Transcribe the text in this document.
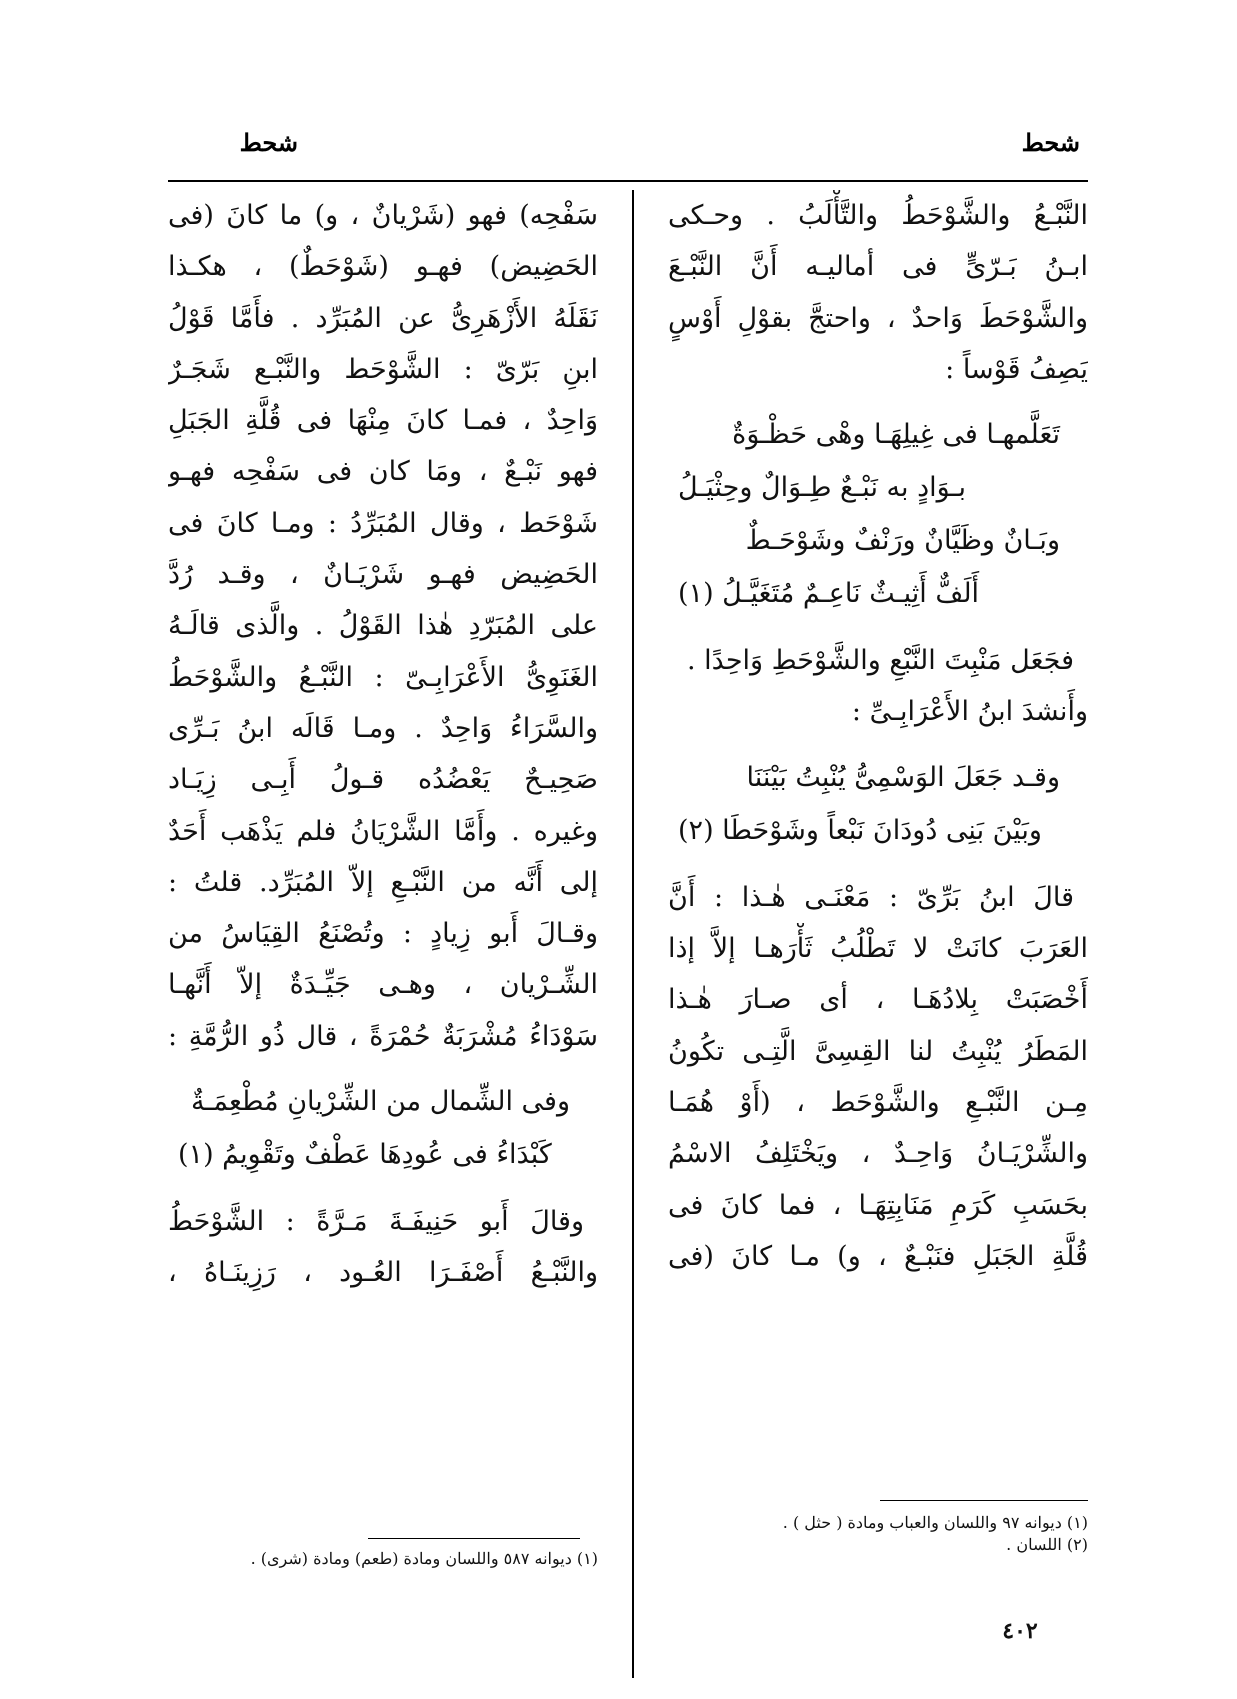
شحط
شحط
النَّبْـعُ والشَّوْحَطُ والتَّأْلَبُ . وحـكى
ابـنُ بَـرّىٍّ فى أماليـه أَنَّ النَّبْـعَ
والشَّوْحَطَ وَاحدٌ ، واحتجَّ بقوْلِ أَوْسٍ
يَصِفُ قَوْساً :
تَعَلَّمهـا فى غِيلِهَـا وهْى حَظْـوَةٌ
بـوَادٍ به نَبْـعٌ طِـوَالٌ وحِثْيَـلُ
وبَـانٌ وظَيَّانٌ ورَنْفٌ وشَوْحَـطٌ
أَلَفٌّ أَثِيـثٌ نَاعِـمٌ مُتَغَيَّـلُ (١)
فجَعَل مَنْبِتَ النَّبْعِ والشَّوْحَطِ وَاحِدًا .
وأَنشدَ ابنُ الأَعْرَابِـىِّ :
وقـد جَعَلَ الوَسْمِىُّ يُنْبِتُ بَيْنَنَا
وبَيْنَ بَنِى دُودَانَ نَبْعاً وشَوْحَطَا (٢)
قالَ ابنُ بَرِّىّ : مَعْنَـى هٰـذا : أَنَّ
العَرَبَ كانَتْ لا تَطْلُبُ ثَأْرَهـا إلاَّ إذا
أَخْصَبَتْ بِلادُهَـا ، أى صـارَ هٰـذا
المَطَرُ يُنْبِتُ لنا القِسِىَّ الَّتِـى تكُونُ
مِـن النَّبْـعِ والشَّوْحَط ، (أَوْ هُمَـا
والشِّرْيَـانُ وَاحِـدٌ ، ويَخْتَلِفُ الاسْمُ
بحَسَبِ كَرَمِ مَنَابِتِهَـا ، فما كانَ فى
قُلَّةِ الجَبَلِ فنَبْـعٌ ، و) مـا كانَ (فى
سَفْحِه) فهو (شَرْيانٌ ، و) ما كانَ (فى
الحَضِيض) فهـو (شَوْحَطٌ) ، هكـذا
نَقَلَهُ الأَزْهَرِىُّ عن المُبَرِّد . فأَمَّا قَوْلُ
ابنِ بَرّىّ : الشَّوْحَط والنَّبْـع شَجَـرٌ
وَاحِدٌ ، فمـا كانَ مِنْهَا فى قُلَّةِ الجَبَلِ
فهو نَبْـعٌ ، ومَا كان فى سَفْحِه فهـو
شَوْحَط ، وقال المُبَرِّدُ : ومـا كانَ فى
الحَضِيض فهـو شَرْيَـانٌ ، وقـد رُدَّ
على المُبَرّدِ هٰذا القَوْلُ . والَّذى قالَـهُ
الغَنَوِىُّ الأَعْرَابِـىّ : النَّبْـعُ والشَّوْحَطُ
والسَّرَاءُ وَاحِدٌ . ومـا قَالَه ابنُ بَـرِّى
صَحِيـحٌ يَعْضُدُه قـولُ أَبِـى زِيَـاد
وغيره . وأَمَّا الشَّرْيَانُ فلم يَذْهَب أَحَدٌ
إلى أَنَّه من النَّبْـعِ إلاّ المُبَرِّد. قلتُ :
وقـالَ أَبو زِيادٍ : وتُصْنَعُ القِيَاسُ من
الشِّـرْيان ، وهـى جَيِّـدَةٌ إلاّ أَنَّهـا
سَوْدَاءُ مُشْرَبَةٌ حُمْرَةً ، قال ذُو الرُّمَّةِ :
وفى الشِّمال من الشِّرْيانِ مُطْعِمَـةٌ
كَبْدَاءُ فى عُودِهَا عَطْفٌ وتَقْوِيمُ (١)
وقالَ أَبو حَنِيفَـةَ مَـرَّةً : الشَّوْحَطُ
والنَّبْـعُ أَصْفَـرَا العُـود ، رَزِينَـاهُ ،
(١) ديوانه ٩٧ واللسان والعباب ومادة ( حثل ) .
(٢) اللسان .
(١) ديوانه ٥٨٧ واللسان ومادة (طعم) ومادة (شرى) .
٤٠٢
